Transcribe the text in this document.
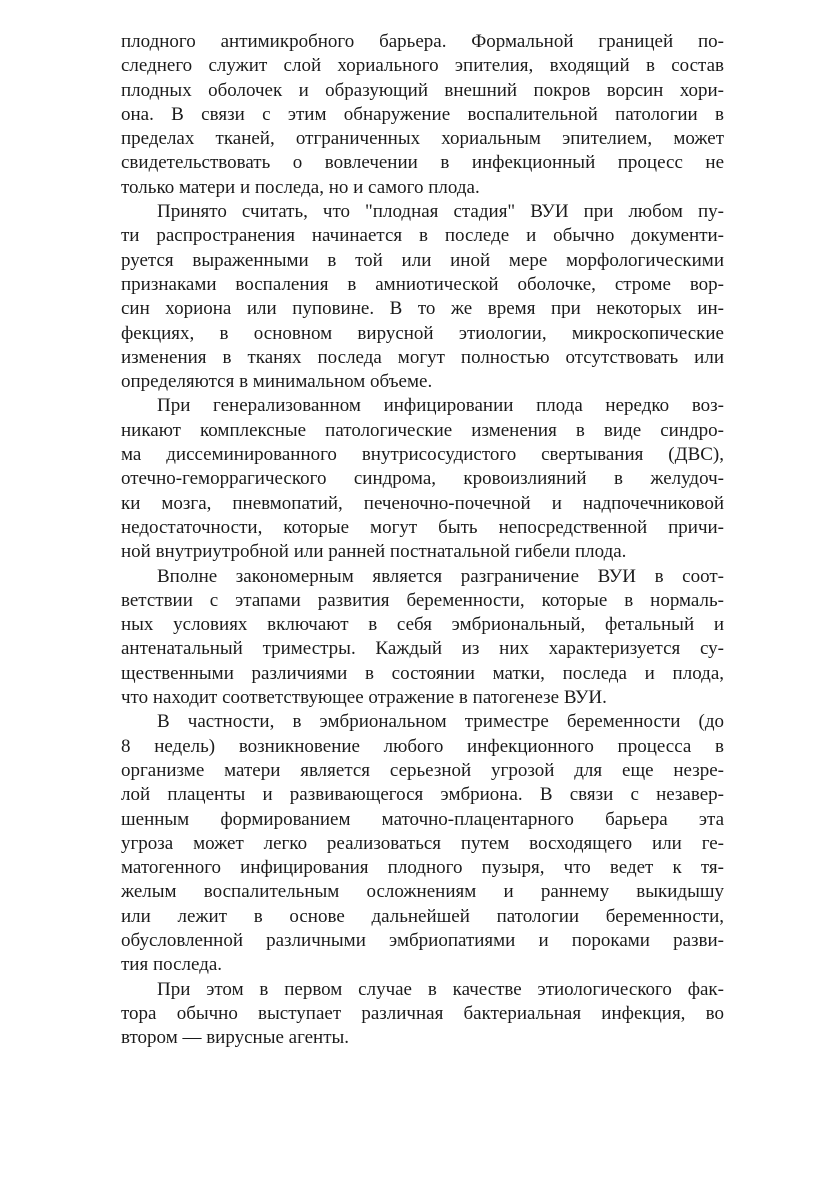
плодного антимикробного барьера. Формальной границей по-
следнего служит слой хориального эпителия, входящий в состав
плодных оболочек и образующий внешний покров ворсин хори-
она. В связи с этим обнаружение воспалительной патологии в
пределах тканей, отграниченных хориальным эпителием, может
свидетельствовать о вовлечении в инфекционный процесс не
только матери и последа, но и самого плода.

Принято считать, что "плодная стадия" ВУИ при любом пу-
ти распространения начинается в последе и обычно документи-
руется выраженными в той или иной мере морфологическими
признаками воспаления в амниотической оболочке, строме вор-
син хориона или пуповине. В то же время при некоторых ин-
фекциях, в основном вирусной этиологии, микроскопические
изменения в тканях последа могут полностью отсутствовать или
определяются в минимальном объеме.

При генерализованном инфицировании плода нередко воз-
никают комплексные патологические изменения в виде синдро-
ма диссеминированного внутрисосудистого свертывания (ДВС),
отечно-геморрагического синдрома, кровоизлияний в желудоч-
ки мозга, пневмопатий, печеночно-почечной и надпочечниковой
недостаточности, которые могут быть непосредственной причи-
ной внутриутробной или ранней постнатальной гибели плода.

Вполне закономерным является разграничение ВУИ в соот-
ветствии с этапами развития беременности, которые в нормаль-
ных условиях включают в себя эмбриональный, фетальный и
антенатальный триместры. Каждый из них характеризуется су-
щественными различиями в состоянии матки, последа и плода,
что находит соответствующее отражение в патогенезе ВУИ.

В частности, в эмбриональном триместре беременности (до
8 недель) возникновение любого инфекционного процесса в
организме матери является серьезной угрозой для еще незре-
лой плаценты и развивающегося эмбриона. В связи с незавер-
шенным формированием маточно-плацентарного барьера эта
угроза может легко реализоваться путем восходящего или ге-
матогенного инфицирования плодного пузыря, что ведет к тя-
желым воспалительным осложнениям и раннему выкидышу
или лежит в основе дальнейшей патологии беременности,
обусловленной различными эмбриопатиями и пороками разви-
тия последа.

При этом в первом случае в качестве этиологического фак-
тора обычно выступает различная бактериальная инфекция, во
втором — вирусные агенты.
